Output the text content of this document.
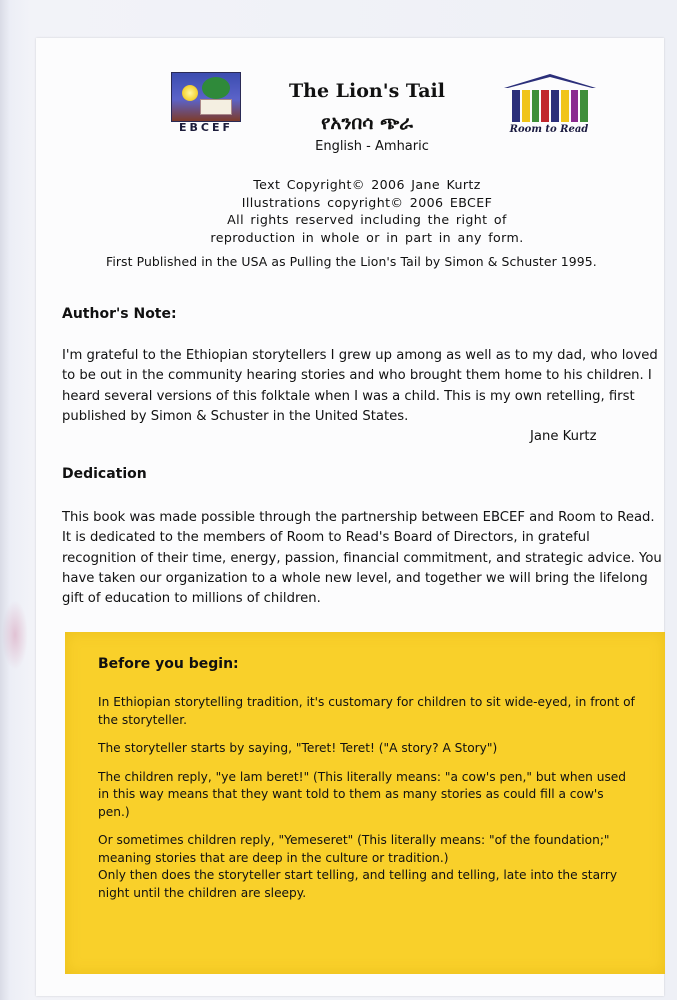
EBCEF
The Lion's Tail
የአንበሳ ጭራ
English - Amharic
Room to Read
Text Copyright© 2006 Jane Kurtz
Illustrations copyright© 2006 EBCEF
All rights reserved including the right of
reproduction in whole or in part in any form.
First Published in the USA as Pulling the Lion's Tail by Simon & Schuster 1995.
Author's Note:

I'm grateful to the Ethiopian storytellers I grew up among as well as to my dad, who loved to be out in the community hearing stories and who brought them home to his children. I heard several versions of this folktale when I was a child. This is my own retelling, first published by Simon & Schuster in the United States.

Jane Kurtz
Dedication

This book was made possible through the partnership between EBCEF and Room to Read. It is dedicated to the members of Room to Read's Board of Directors, in grateful recognition of their time, energy, passion, financial commitment, and strategic advice. You have taken our organization to a whole new level, and together we will bring the lifelong gift of education to millions of children.

Before you begin:

In Ethiopian storytelling tradition, it's customary for children to sit wide-eyed, in front of the storyteller.

The storyteller starts by saying, "Teret! Teret! ("A story? A Story")

The children reply, "ye lam beret!" (This literally means: "a cow's pen," but when used in this way means that they want told to them as many stories as could fill a cow's pen.)

Or sometimes children reply, "Yemeseret" (This literally means: "of the foundation;" meaning stories that are deep in the culture or tradition.)

Only then does the storyteller start telling, and telling and telling, late into the starry night until the children are sleepy.
